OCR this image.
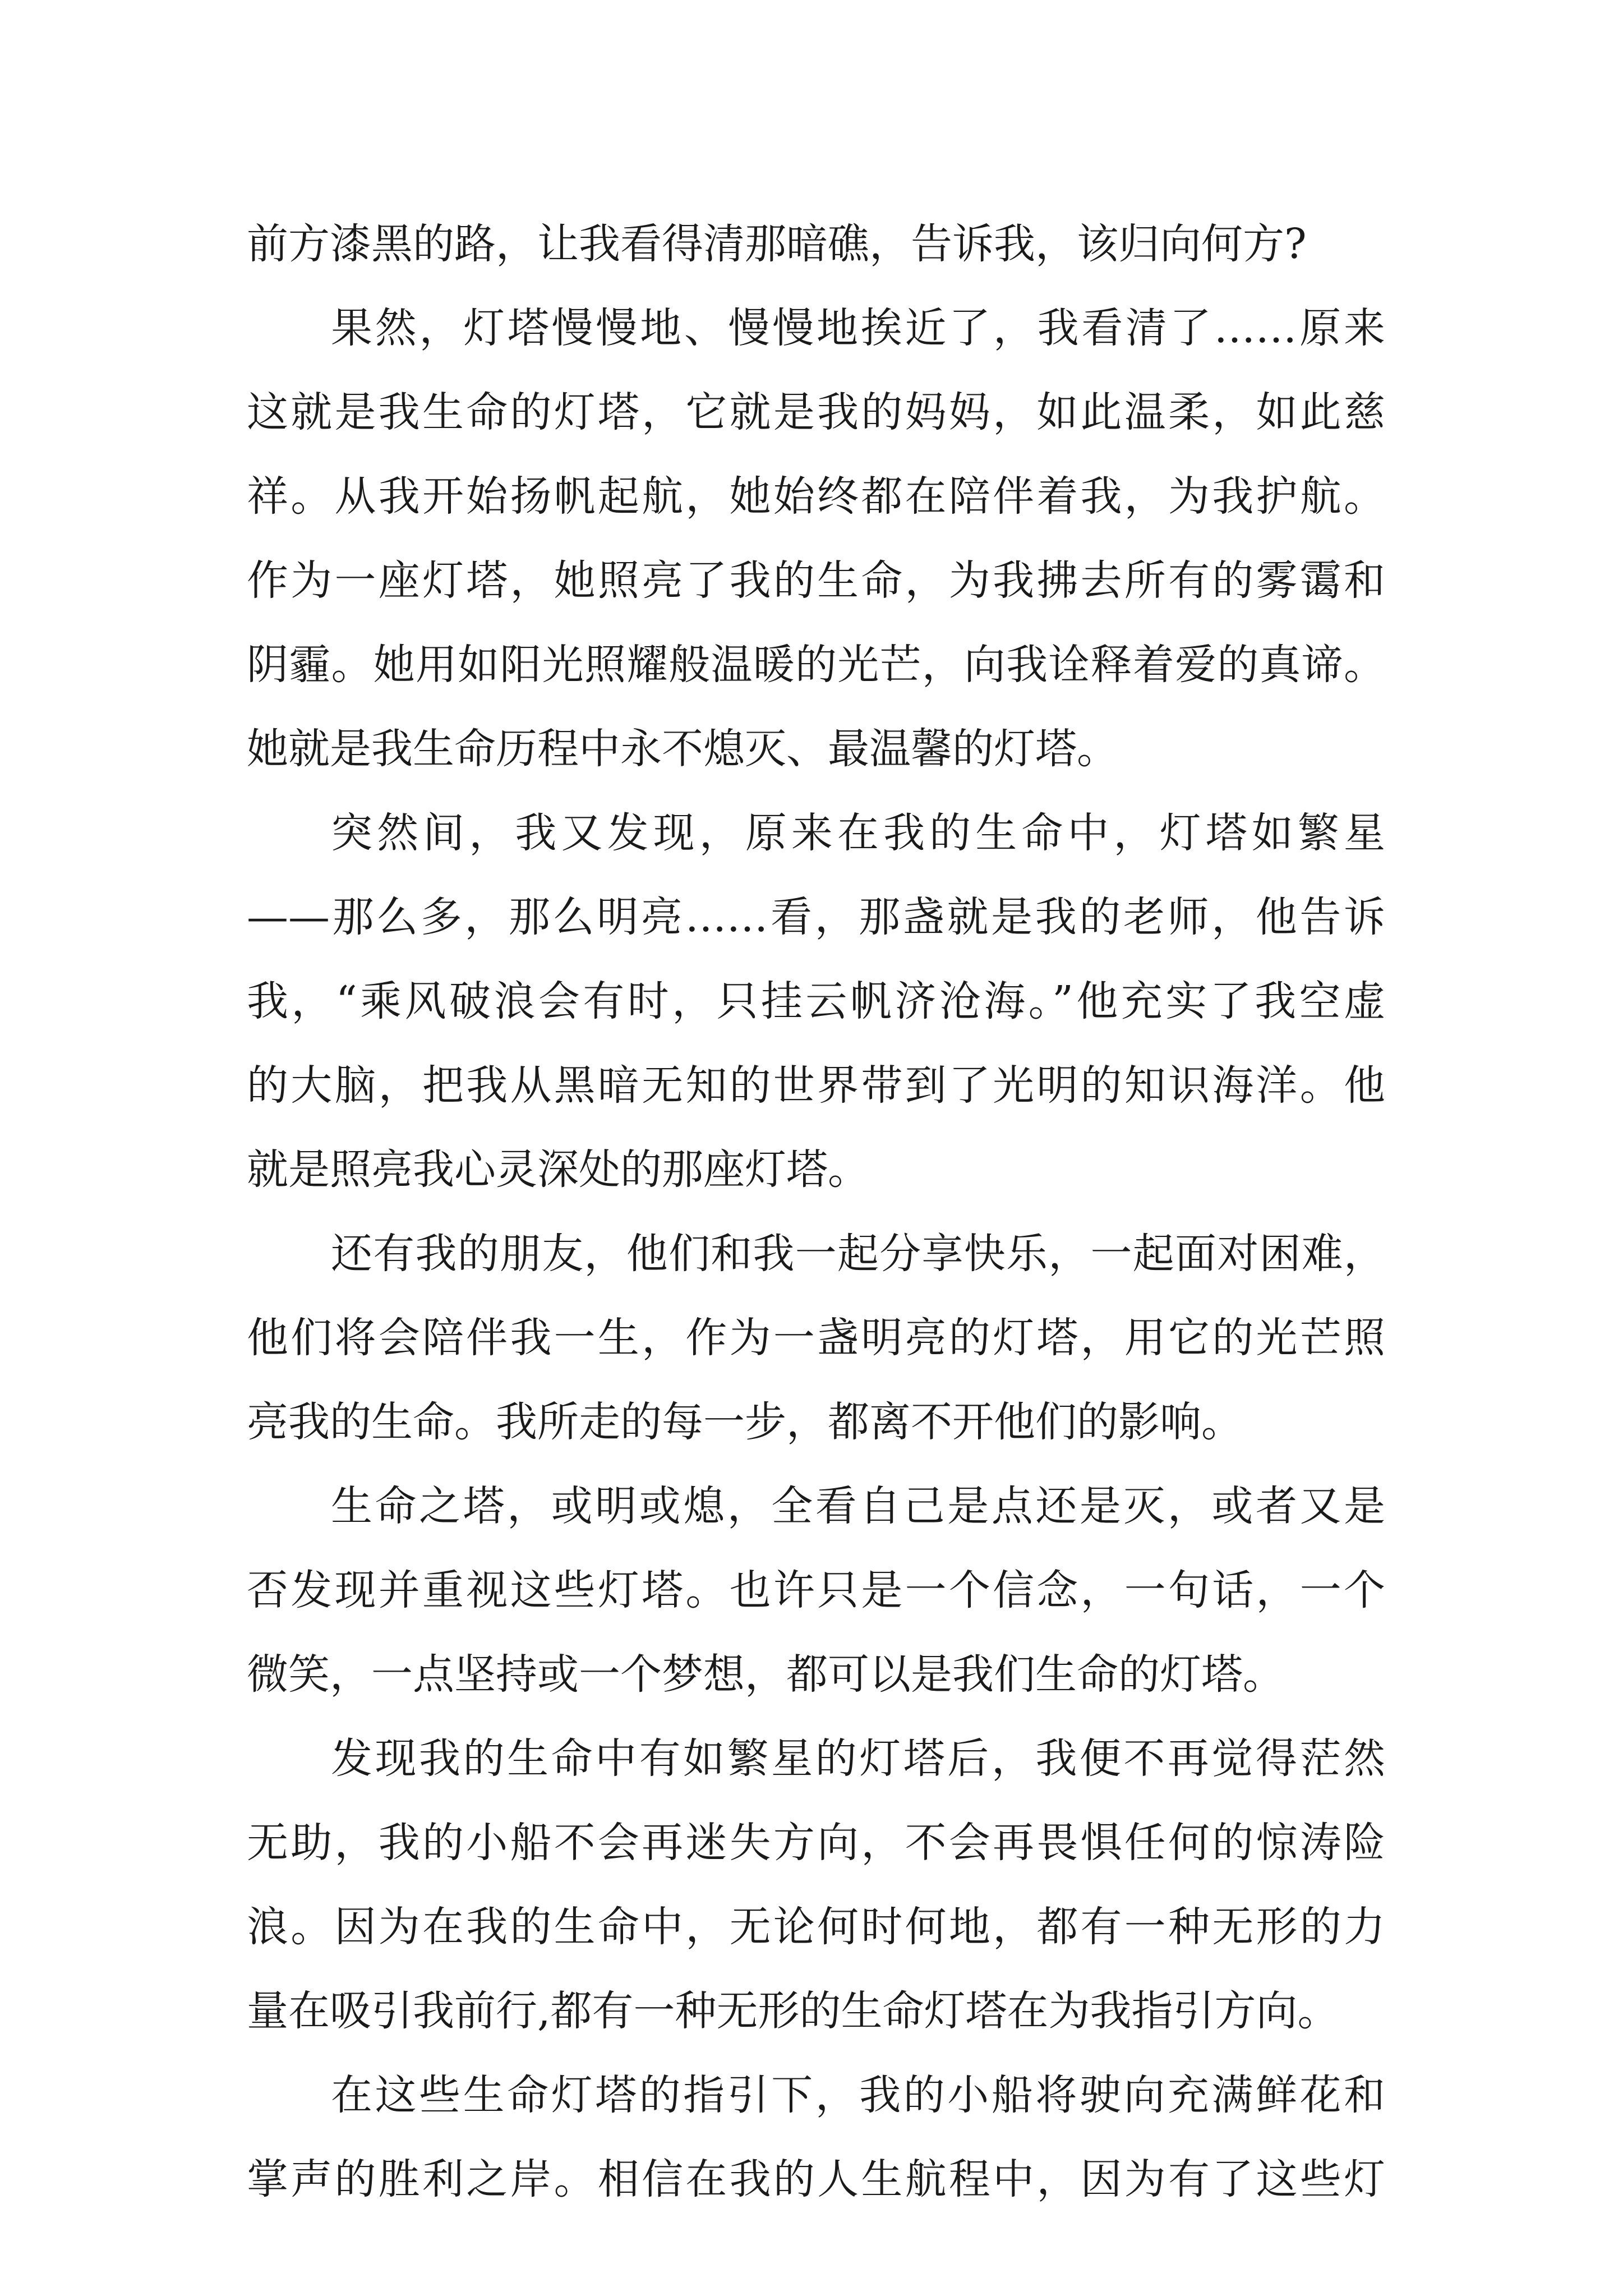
前方漆黑的路，让我看得清那暗礁，告诉我，该归向何方?
果然，灯塔慢慢地、慢慢地挨近了，我看清了……原来
这就是我生命的灯塔，它就是我的妈妈，如此温柔，如此慈
祥。从我开始扬帆起航，她始终都在陪伴着我，为我护航。
作为一座灯塔，她照亮了我的生命，为我拂去所有的雾霭和
阴霾。她用如阳光照耀般温暖的光芒，向我诠释着爱的真谛。
她就是我生命历程中永不熄灭、最温馨的灯塔。
突然间，我又发现，原来在我的生命中，灯塔如繁星
——那么多，那么明亮……看，那盏就是我的老师，他告诉
我，“乘风破浪会有时，只挂云帆济沧海。”他充实了我空虚
的大脑，把我从黑暗无知的世界带到了光明的知识海洋。他
就是照亮我心灵深处的那座灯塔。
还有我的朋友，他们和我一起分享快乐，一起面对困难，
他们将会陪伴我一生，作为一盏明亮的灯塔，用它的光芒照
亮我的生命。我所走的每一步，都离不开他们的影响。
生命之塔，或明或熄，全看自己是点还是灭，或者又是
否发现并重视这些灯塔。也许只是一个信念，一句话，一个
微笑，一点坚持或一个梦想，都可以是我们生命的灯塔。
发现我的生命中有如繁星的灯塔后，我便不再觉得茫然
无助，我的小船不会再迷失方向，不会再畏惧任何的惊涛险
浪。因为在我的生命中，无论何时何地，都有一种无形的力
量在吸引我前行,都有一种无形的生命灯塔在为我指引方向。
在这些生命灯塔的指引下，我的小船将驶向充满鲜花和
掌声的胜利之岸。相信在我的人生航程中，因为有了这些灯
